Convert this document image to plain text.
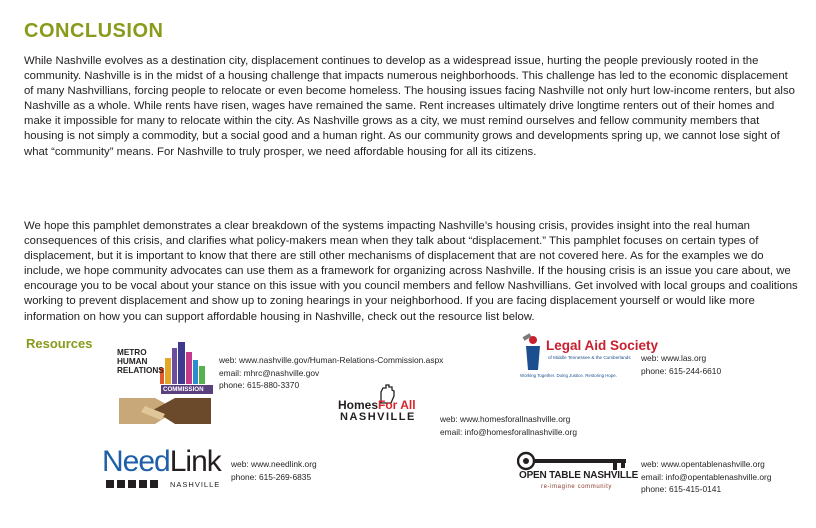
CONCLUSION

While Nashville evolves as a destination city, displacement continues to develop as a widespread issue, hurting the people previously rooted in the community. Nashville is in the midst of a housing challenge that impacts numerous neighborhoods. This challenge has led to the economic displacement of many Nashvillians, forcing people to relocate or even become homeless. The housing issues facing Nashville not only hurt low-income renters, but also Nashville as a whole. While rents have risen, wages have remained the same. Rent increases ultimately drive longtime renters out of their homes and make it impossible for many to relocate within the city. As Nashville grows as a city, we must remind ourselves and fellow community members that housing is not simply a commodity, but a social good and a human right. As our community grows and developments spring up, we cannot lose sight of what “community” means. For Nashville to truly prosper, we need affordable housing for all its citizens.

We hope this pamphlet demonstrates a clear breakdown of the systems impacting Nashville’s housing crisis, provides insight into the real human consequences of this crisis, and clarifies what policy-makers mean when they talk about “displacement.” This pamphlet focuses on certain types of displacement, but it is important to know that there are still other mechanisms of displacement that are not covered here. As for the examples we do include, we hope community advocates can use them as a framework for organizing across Nashville. If the housing crisis is an issue you care about, we encourage you to be vocal about your stance on this issue with you council members and fellow Nashvillians. Get involved with local groups and coalitions working to prevent displacement and show up to zoning hearings in your neighborhood. If you are facing displacement yourself or would like more information on how you can support affordable housing in Nashville, check out the resource list below.

Resources
METRO
HUMAN
RELATIONS
COMMISSION
web: www.nashville.gov/Human-Relations-Commission.aspx
email: mhrc@nashville.gov
phone: 615-880-3370
Legal Aid Society
of Middle Tennessee & the Cumberlands
Working Together. Doing Justice. Restoring Hope.
web: www.las.org
phone: 615-244-6610
HomesFor All
NASHVILLE	web: www.homesforallnashville.org
email: info@homesforallnashville.org
NeedLink
NASHVILLE
web: www.needlink.org
phone: 615-269-6835	OPEN TABLE NASHVILLE
re-imagine community
web: www.opentablenashville.org
email: info@opentablenashville.org
phone: 615-415-0141
